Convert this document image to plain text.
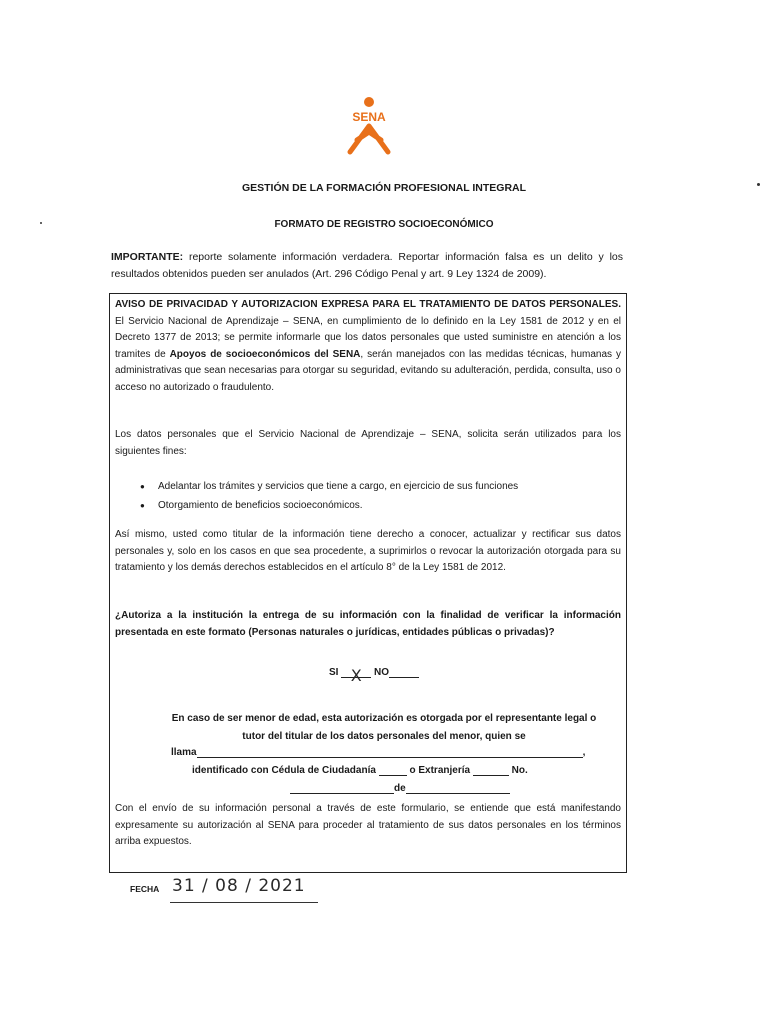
SENA
GESTIÓN DE LA FORMACIÓN PROFESIONAL INTEGRAL
FORMATO DE REGISTRO SOCIOECONÓMICO
IMPORTANTE: reporte solamente información verdadera. Reportar información falsa es un delito y los resultados obtenidos pueden ser anulados (Art. 296 Código Penal y art. 9 Ley 1324 de 2009).
AVISO DE PRIVACIDAD Y AUTORIZACION EXPRESA PARA EL TRATAMIENTO DE DATOS PERSONALES. El Servicio Nacional de Aprendizaje – SENA, en cumplimiento de lo definido en la Ley 1581 de 2012 y en el Decreto 1377 de 2013; se permite informarle que los datos personales que usted suministre en atención a los tramites de Apoyos de socioeconómicos del SENA, serán manejados con las medidas técnicas, humanas y administrativas que sean necesarias para otorgar su seguridad, evitando su adulteración, perdida, consulta, uso o acceso no autorizado o fraudulento.
Los datos personales que el Servicio Nacional de Aprendizaje – SENA, solicita serán utilizados para los siguientes fines:
● Adelantar los trámites y servicios que tiene a cargo, en ejercicio de sus funciones
● Otorgamiento de beneficios socioeconómicos.
Así mismo, usted como titular de la información tiene derecho a conocer, actualizar y rectificar sus datos personales y, solo en los casos en que sea procedente, a suprimirlos o revocar la autorización otorgada para su tratamiento y los demás derechos establecidos en el artículo 8° de la Ley 1581 de 2012.
¿Autoriza a la institución la entrega de su información con la finalidad de verificar la información presentada en este formato (Personas naturales o jurídicas, entidades públicas o privadas)?
SI X NO
En caso de ser menor de edad, esta autorización es otorgada por el representante legal o
tutor del titular de los datos personales del menor, quien se
llama	,
identificado con Cédula de Ciudadanía	o Extranjería	No.
de
Con el envío de su información personal a través de este formulario, se entiende que está manifestando expresamente su autorización al SENA para proceder al tratamiento de sus datos personales en los términos arriba expuestos.
FECHA 31 / 08 / 2021
